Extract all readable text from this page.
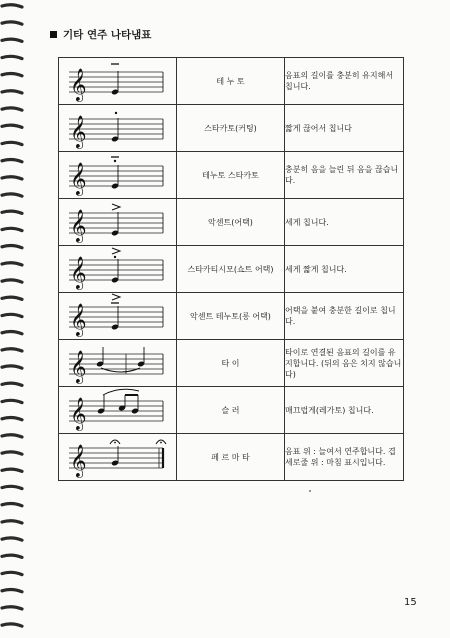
기타 연주 나타냄표
𝄞	테 누 토	음표의 길이를 충분히 유지해서 칩니다.

𝄞	스타카토(커팅)	짧게 끊어서 칩니다

𝄞	테누토 스타카토	충분히 음을 늘린 뒤 음을 끊습니다.

𝄞	악센트(어택)	세게 칩니다.

𝄞	스타카티시모(쇼트 어택)	세게 짧게 칩니다.

𝄞	악센트 테누토(롱 어택)	어택을 붙여 충분한 길이로 칩니다.

𝄞	타 이	타이로 연결된 음표의 길이를 유지합니다. (뒤의 음은 치지 않습니다)

𝄞	슬 러	매끄럽게(레가토) 칩니다.

𝄞	페 르 마 타	음표 위 : 늘여서 연주합니다. 겹세로줄 위 : 마침 표시입니다.
15
